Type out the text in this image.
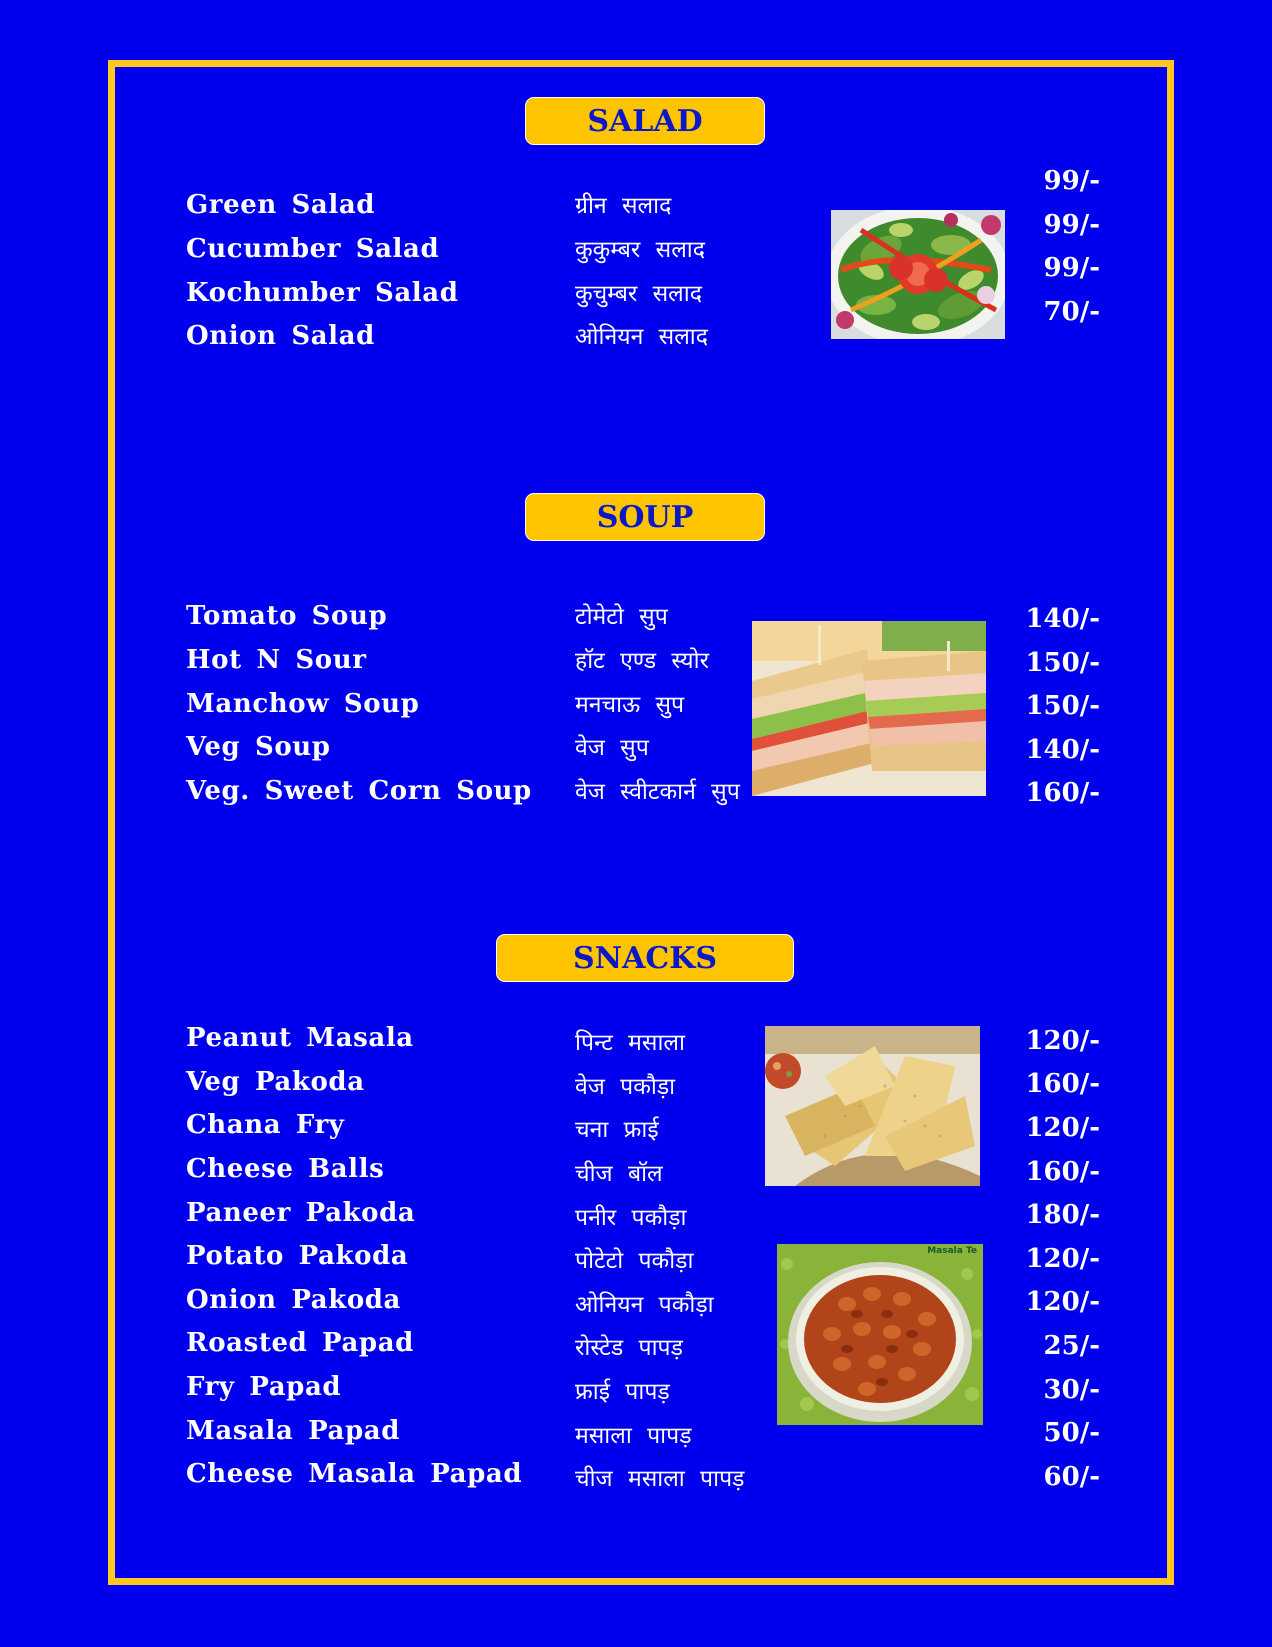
SALAD
Green Salad
Cucumber Salad
Kochumber Salad
Onion Salad
ग्रीन सलाद
कुकुम्बर सलाद
कुचुम्बर सलाद
ओनियन सलाद
99/-
99/-
99/-
70/-
SOUP
Tomato Soup
Hot N Sour
Manchow Soup
Veg Soup
Veg. Sweet Corn Soup
टोमेटो सुप
हॉट एण्ड स्योर
मनचाऊ सुप
वेज सुप
वेज स्वीटकार्न सुप
140/-
150/-
150/-
140/-
160/-
SNACKS
Peanut Masala
Veg Pakoda
Chana Fry
Cheese Balls
Paneer Pakoda
Potato Pakoda
Onion Pakoda
Roasted Papad
Fry Papad
Masala Papad
Cheese Masala Papad
पिन्ट मसाला
वेज पकौड़ा
चना फ्राई
चीज बॉल
पनीर पकौड़ा
पोटेटो पकौड़ा
ओनियन पकौड़ा
रोस्टेड पापड़
फ्राई पापड़
मसाला पापड़
चीज मसाला पापड़
120/-
160/-
120/-
160/-
180/-
120/-
120/-
25/-
30/-
50/-
60/-
Masala Te
